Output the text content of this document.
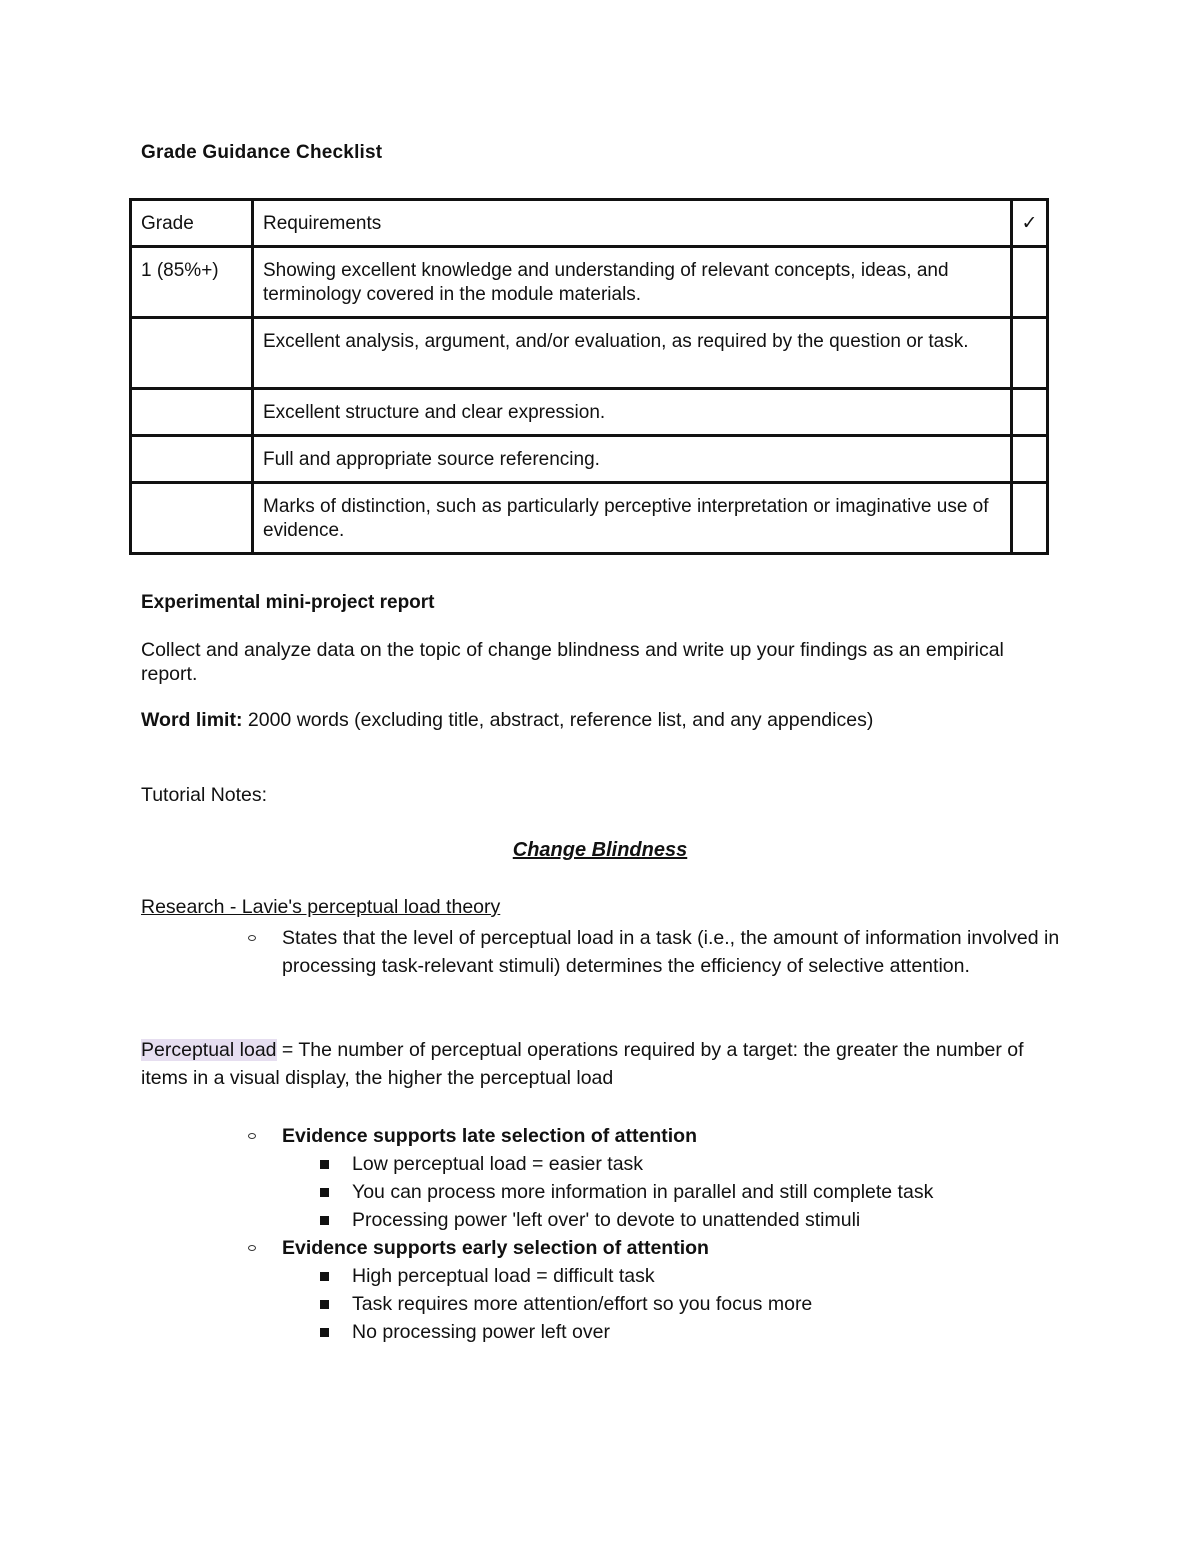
Grade Guidance Checklist
Grade	Requirements	✓
1 (85%+)	Showing excellent knowledge and understanding of relevant concepts, ideas, and terminology covered in the module materials.	
	Excellent analysis, argument, and/or evaluation, as required by the question or task.	
	Excellent structure and clear expression.	
	Full and appropriate source referencing.	
	Marks of distinction, such as particularly perceptive interpretation or imaginative use of evidence.	
Experimental mini-project report
Collect and analyze data on the topic of change blindness and write up your findings as an empirical report.
Word limit: 2000 words (excluding title, abstract, reference list, and any appendices)
Tutorial Notes:
Change Blindness
Research - Lavie's perceptual load theory
States that the level of perceptual load in a task (i.e., the amount of information involved in processing task-relevant stimuli) determines the efficiency of selective attention.
Perceptual load = The number of perceptual operations required by a target: the greater the number of items in a visual display, the higher the perceptual load
Evidence supports late selection of attention
Low perceptual load = easier task
You can process more information in parallel and still complete task
Processing power 'left over' to devote to unattended stimuli
Evidence supports early selection of attention
High perceptual load = difficult task
Task requires more attention/effort so you focus more
No processing power left over
